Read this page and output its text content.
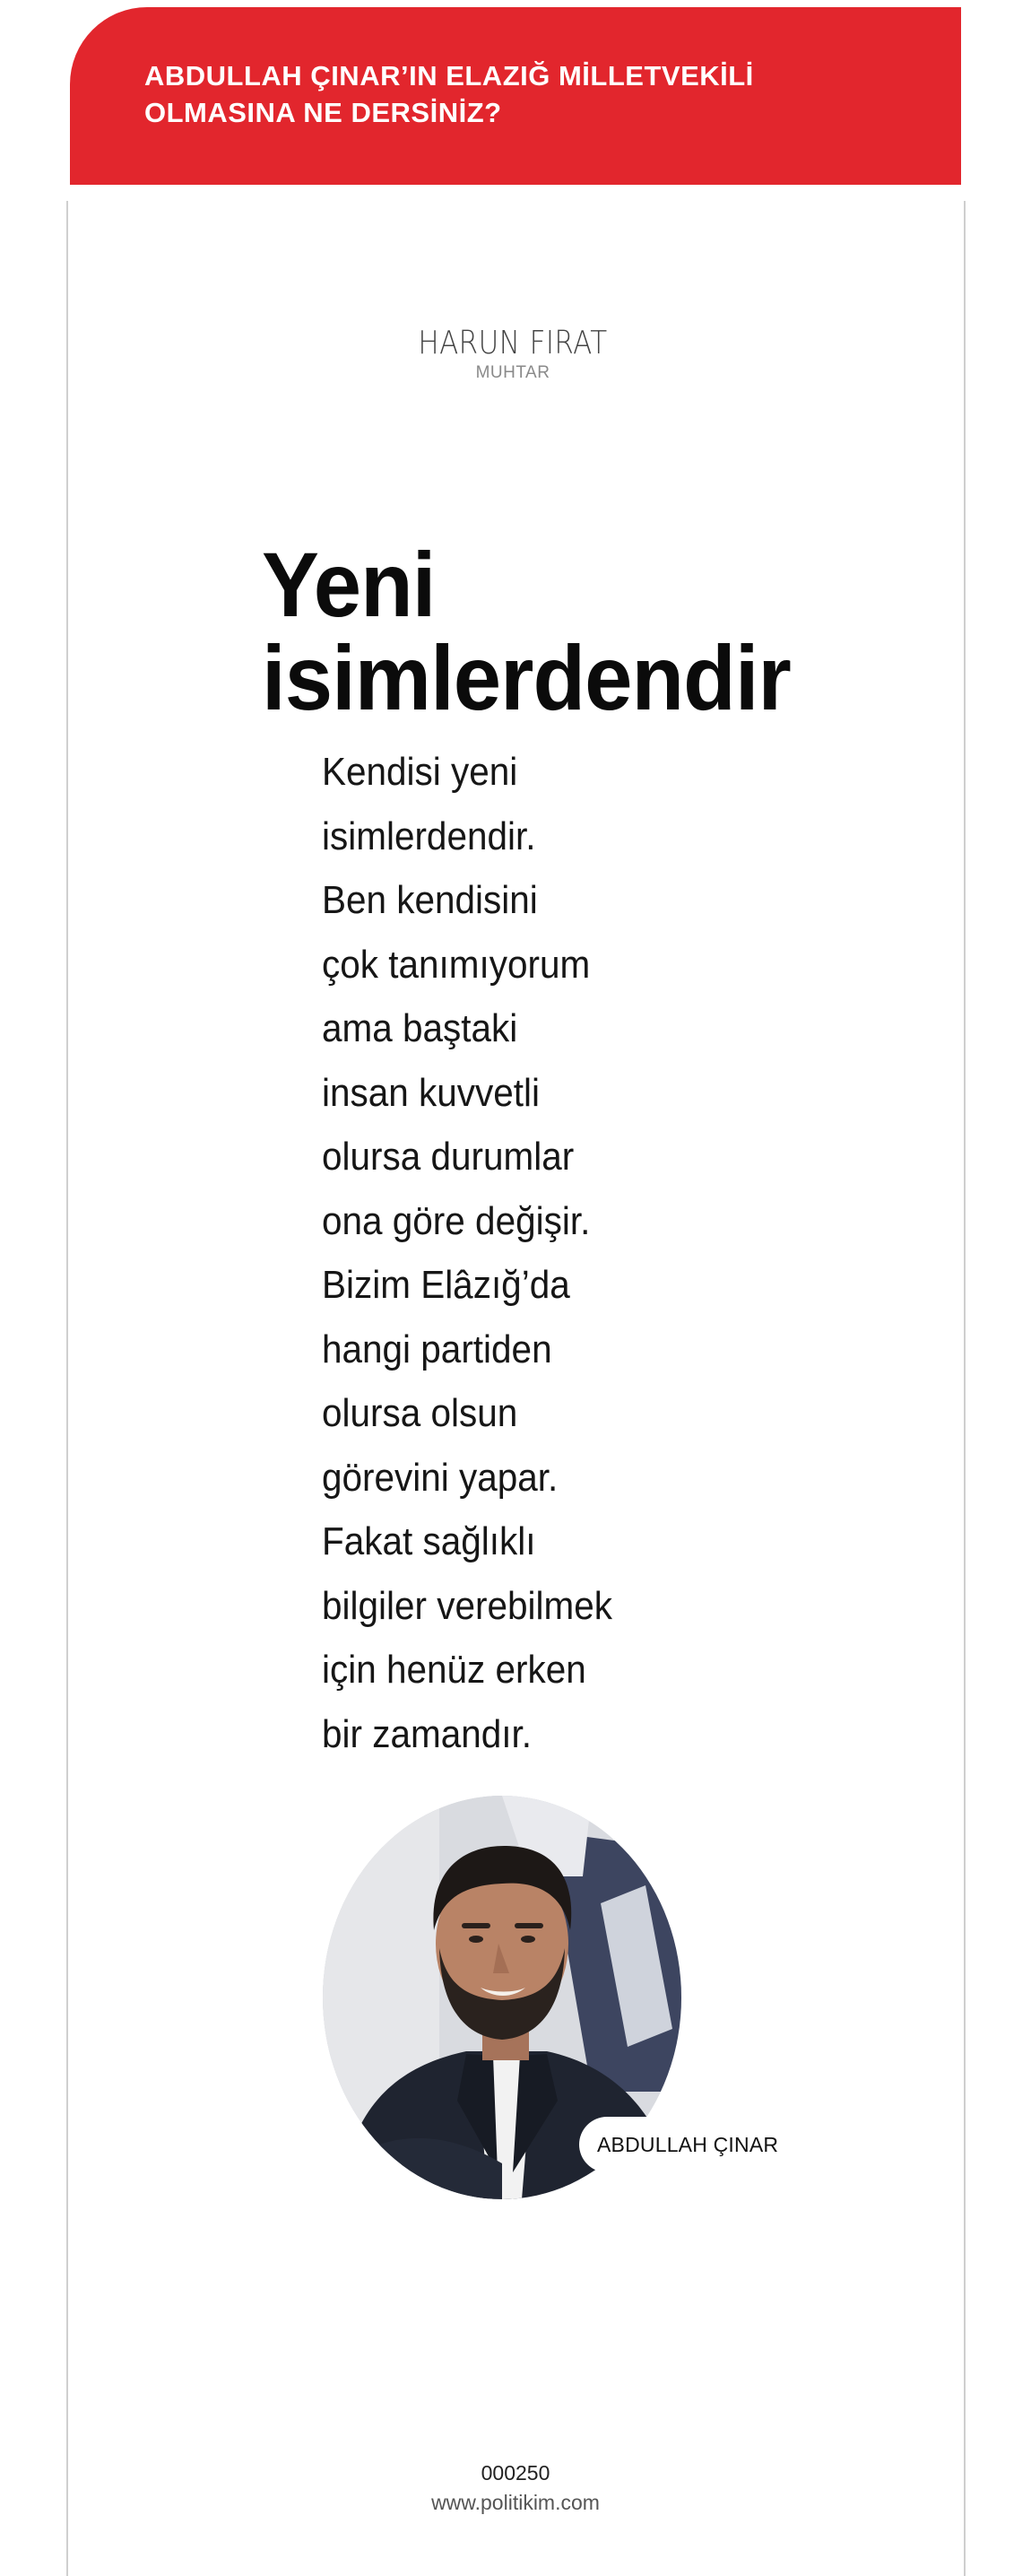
ABDULLAH ÇINAR’IN ELAZIĞ MİLLETVEKİLİ OLMASINA NE DERSİNİZ?
HARUN FIRAT
MUHTAR
Yeni
isimlerdendir
Kendisi yeni
isimlerdendir.
Ben kendisini
çok tanımıyorum
ama baştaki
insan kuvvetli
olursa durumlar
ona göre değişir.
Bizim Elâzığ’da
hangi partiden
olursa olsun
görevini yapar.
Fakat sağlıklı
bilgiler verebilmek
için henüz erken
bir zamandır.
ABDULLAH ÇINAR
000250
www.politikim.com
